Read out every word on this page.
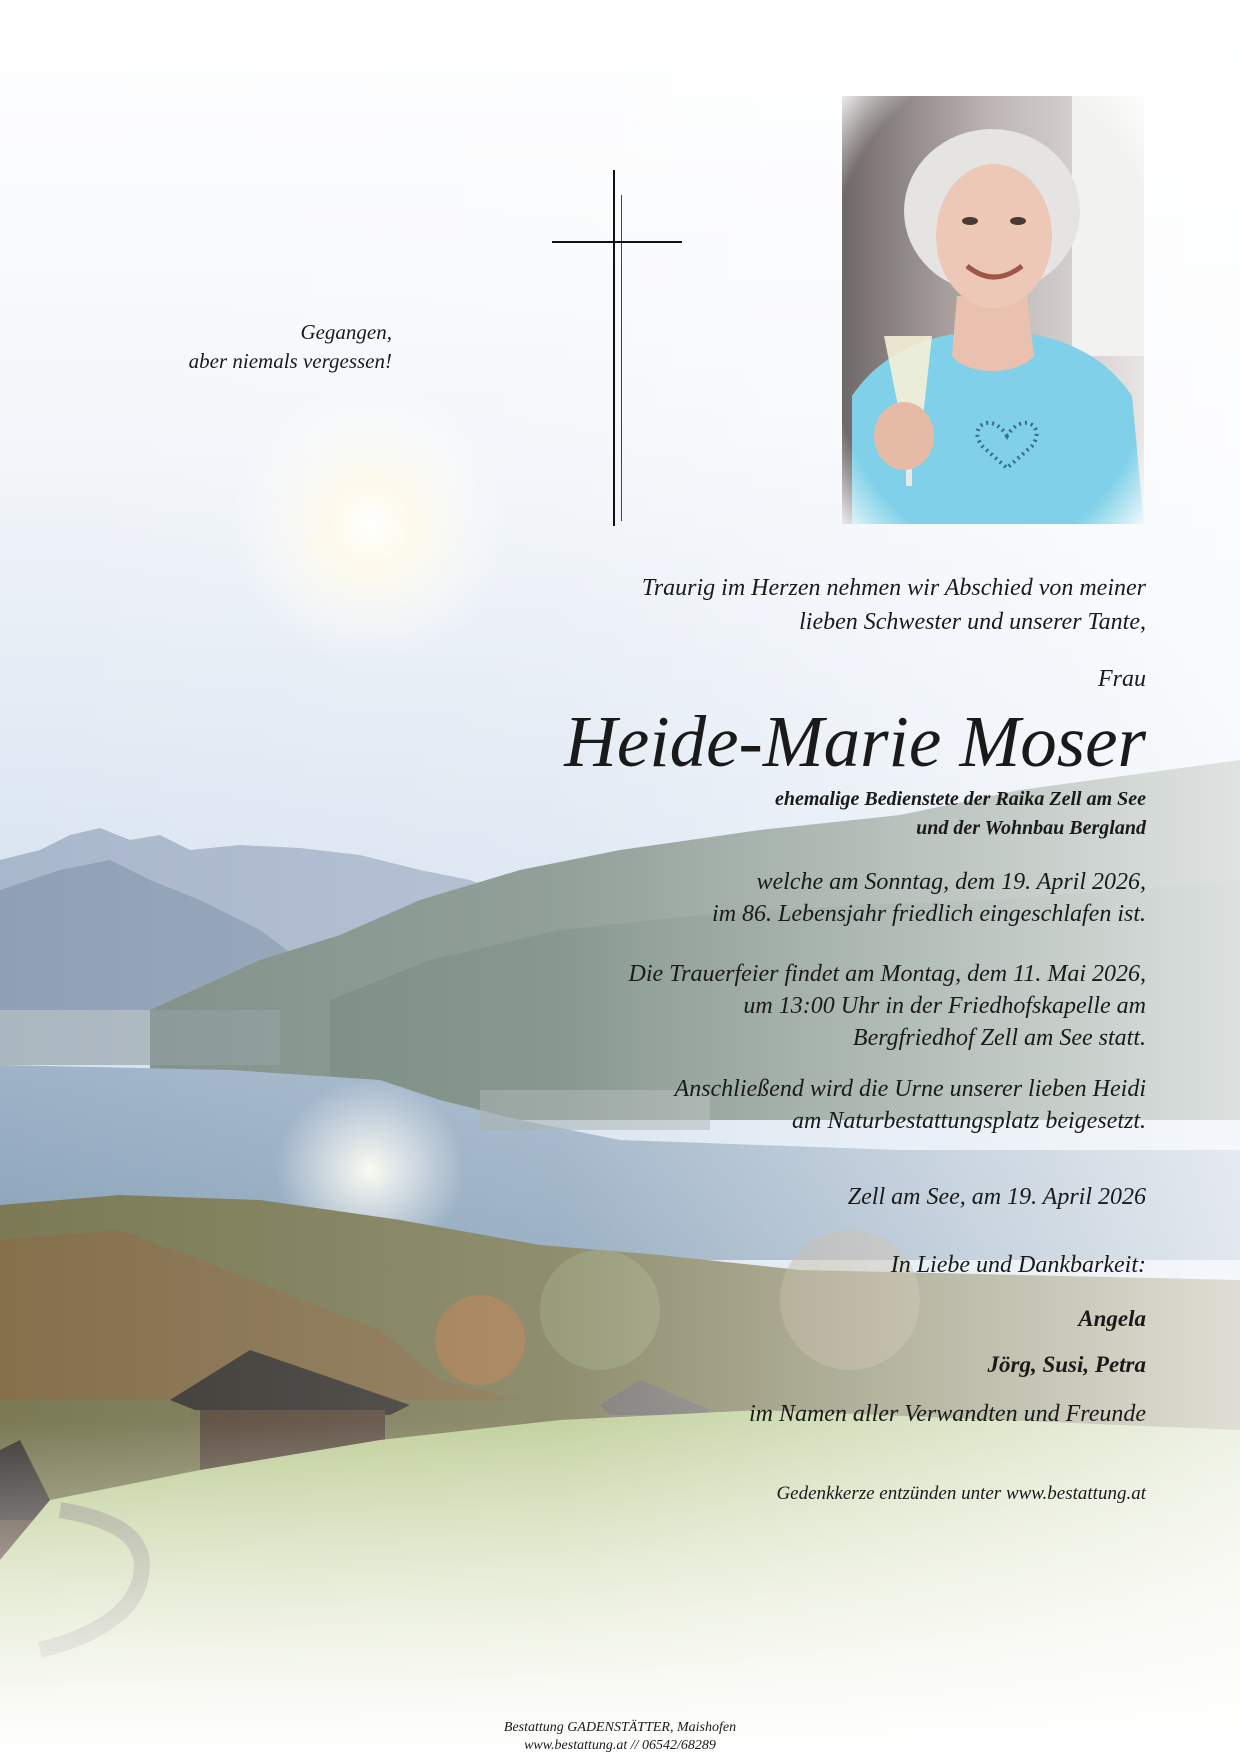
Gegangen,
aber niemals vergessen!
Traurig im Herzen nehmen wir Abschied von meiner
lieben Schwester und unserer Tante,

Frau

Heide-Marie Moser

ehemalige Bedienstete der Raika Zell am See
und der Wohnbau Bergland
welche am Sonntag, dem 19. April 2026,
im 86. Lebensjahr friedlich eingeschlafen ist.
Die Trauerfeier findet am Montag, dem 11. Mai 2026,
um 13:00 Uhr in der Friedhofskapelle am
Bergfriedhof Zell am See statt.
Anschließend wird die Urne unserer lieben Heidi
am Naturbestattungsplatz beigesetzt.

Zell am See, am 19. April 2026

In Liebe und Dankbarkeit:

Angela

Jörg, Susi, Petra

im Namen aller Verwandten und Freunde

Gedenkkerze entzünden unter www.bestattung.at

Bestattung GADENSTÄTTER, Maishofen
www.bestattung.at // 06542/68289
